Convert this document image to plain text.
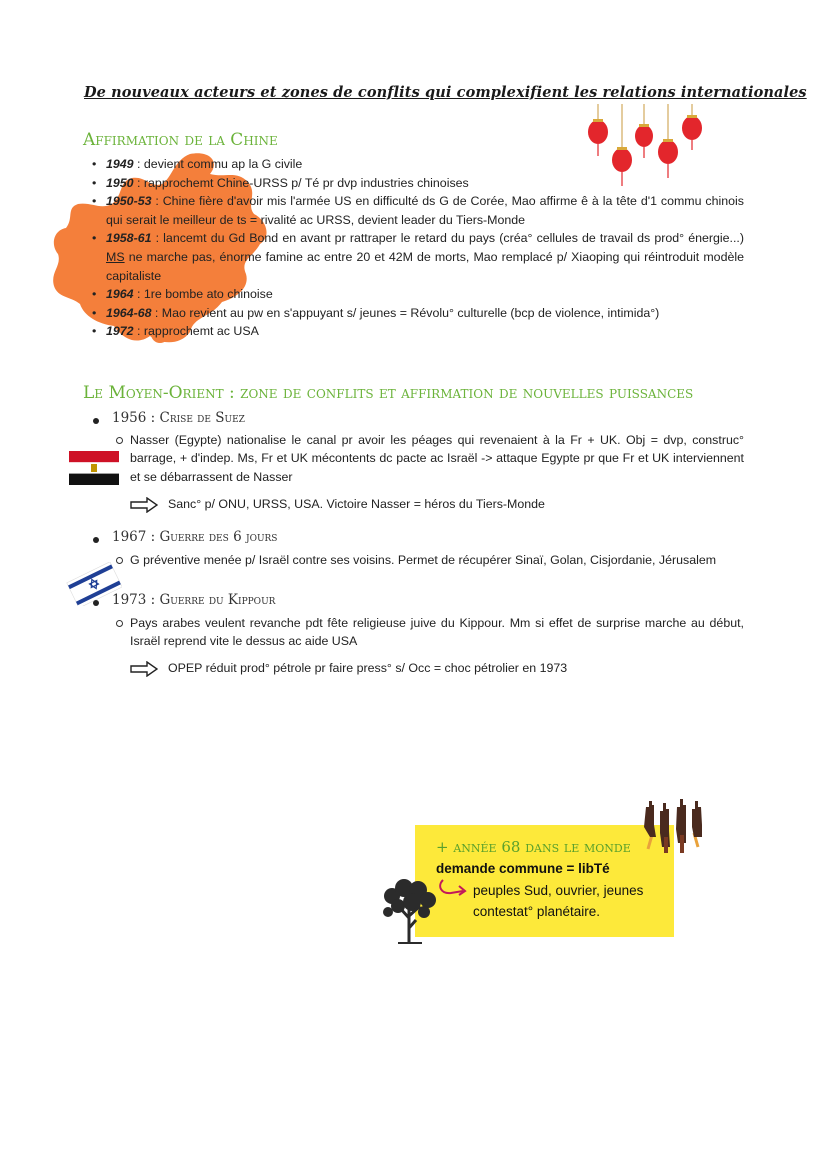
De nouveaux acteurs et zones de conflits qui complexifient les relations internationales
Affirmation de la Chine
• 1949 : devient commu ap la G civile
• 1950 : rapprochemt Chine-URSS p/ Té pr dvp industries chinoises
• 1950-53 : Chine fière d'avoir mis l'armée US en difficulté ds G de Corée, Mao affirme ê à la tête d'1 commu chinois qui serait le meilleur de ts = rivalité ac URSS, devient leader du Tiers-Monde
• 1958-61 : lancemt du Gd Bond en avant pr rattraper le retard du pays (créa° cellules de travail ds prod° énergie...) MS ne marche pas, énorme famine ac entre 20 et 42M de morts, Mao remplacé p/ Xiaoping qui réintroduit modèle capitaliste
• 1964 : 1re bombe ato chinoise
• 1964-68 : Mao revient au pw en s'appuyant s/ jeunes = Révolu° culturelle (bcp de violence, intimida°)
• 1972 : rapprochemt ac USA
Le Moyen-Orient : zone de conflits et affirmation de nouvelles puissances
1956 : Crise de Suez
Nasser (Egypte) nationalise le canal pr avoir les péages qui revenaient à la Fr + UK. Obj = dvp, construc° barrage, + d'indep. Ms, Fr et UK mécontents dc pacte ac Israël -> attaque Egypte pr que Fr et UK interviennent et se débarrassent de Nasser
Sanc° p/ ONU, URSS, USA. Victoire Nasser = héros du Tiers-Monde
1967 : Guerre des 6 jours
G préventive menée p/ Israël contre ses voisins. Permet de récupérer Sinaï, Golan, Cisjordanie, Jérusalem
1973 : Guerre du Kippour
Pays arabes veulent revanche pdt fête religieuse juive du Kippour. Mm si effet de surprise marche au début, Israël reprend vite le dessus ac aide USA
OPEP réduit prod° pétrole pr faire press° s/ Occ = choc pétrolier en 1973
+ année 68 dans le monde
demande commune = libTé
peuples Sud, ouvrier, jeunes
contestat° planétaire.
